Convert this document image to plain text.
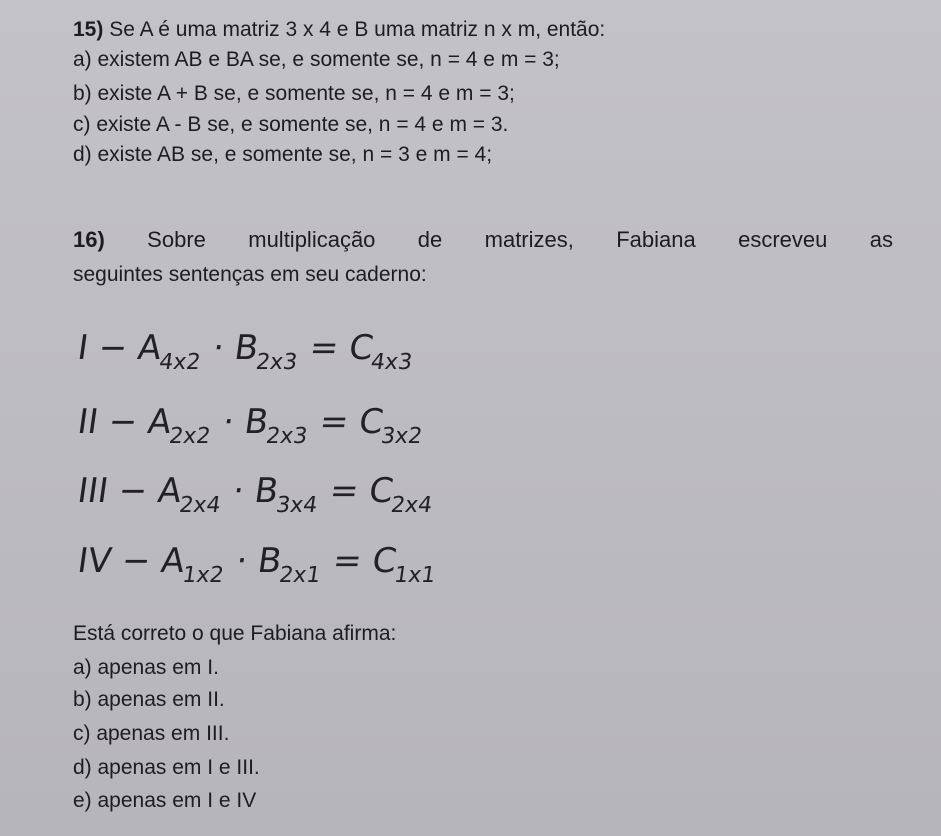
15) Se A é uma matriz 3 x 4 e B uma matriz n x m, então:
a) existem AB e BA se, e somente se, n = 4 e m = 3;
b) existe A + B se, e somente se, n = 4 e m = 3;
c) existe A - B se, e somente se, n = 4 e m = 3.
d) existe AB se, e somente se, n = 3 e m = 4;
16) Sobre multiplicação de matrizes, Fabiana escreveu as
seguintes sentenças em seu caderno:
$I - A_{4x2} \cdot B_{2x3} = C_{4x3}$
II − $A_{2x2} \cdot B_{2x3} = C_{3x2}$
III − $A_{2x4} \cdot B_{3x4} = C_{2x4}$
IV − $A_{1x2} \cdot B_{2x1} = C_{1x1}$
Está correto o que Fabiana afirma:
a) apenas em I.
b) apenas em II.
c) apenas em III.
d) apenas em I e III.
e) apenas em I e IV
